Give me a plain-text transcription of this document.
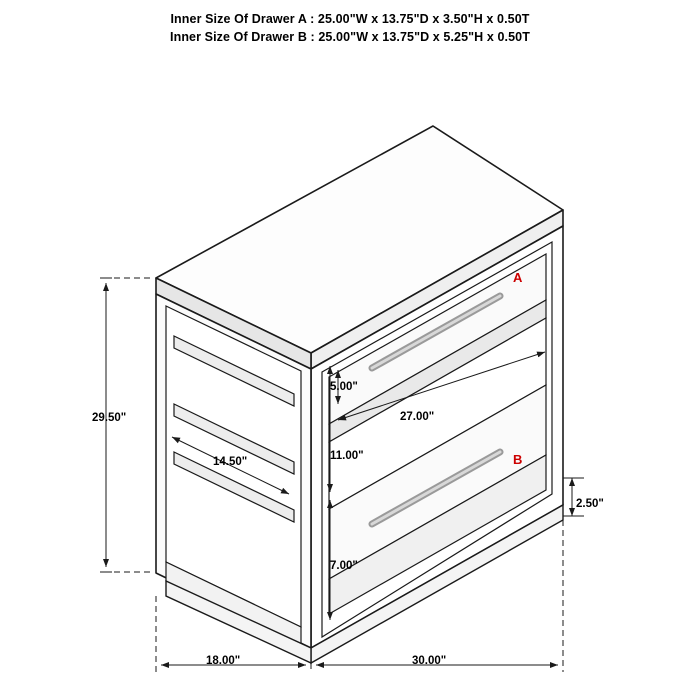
Inner Size Of Drawer A : 25.00"W x 13.75"D x 3.50"H x 0.50T
Inner Size Of Drawer B : 25.00"W x 13.75"D x 5.25"H x 0.50T
A
B
29.50"
14.50"
5.00"
11.00"
7.00"
27.00"
2.50"
18.00"	30.00"
